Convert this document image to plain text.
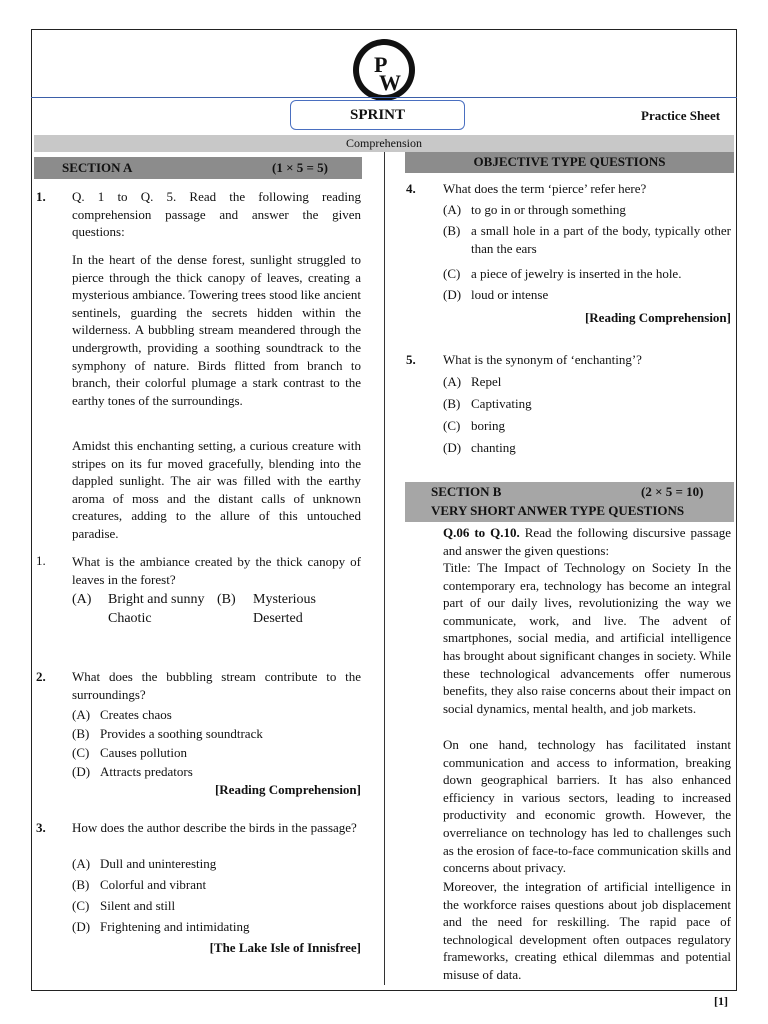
P
W
SPRINT	Practice Sheet
Comprehension
SECTION A	(1 × 5 = 5)
1. Q. 1 to Q. 5. Read the following reading comprehension passage and answer the given questions:
In the heart of the dense forest, sunlight struggled to pierce through the thick canopy of leaves, creating a mysterious ambiance. Towering trees stood like ancient sentinels, guarding the secrets hidden within the wilderness. A bubbling stream meandered through the undergrowth, providing a soothing soundtrack to the symphony of nature. Birds flitted from branch to branch, their colorful plumage a stark contrast to the earthy tones of the surroundings.
Amidst this enchanting setting, a curious creature with stripes on its fur moved gracefully, blending into the dappled sunlight. The air was filled with the earthy aroma of moss and the distant calls of unknown creatures, adding to the allure of this untouched paradise.
1. What is the ambiance created by the thick canopy of leaves in the forest?
(A) Bright and sunny (B) Mysterious
Chaotic	Deserted
2. What does the bubbling stream contribute to the surroundings?
(A) Creates chaos
(B) Provides a soothing soundtrack
(C) Causes pollution
(D) Attracts predators
[Reading Comprehension]
3. How does the author describe the birds in the passage?
(A) Dull and uninteresting
(B) Colorful and vibrant
(C) Silent and still
(D) Frightening and intimidating
[The Lake Isle of Innisfree]
OBJECTIVE TYPE QUESTIONS
4. What does the term ‘pierce’ refer here?
(A) to go in or through something
(B) a small hole in a part of the body, typically other than the ears
(C) a piece of jewelry is inserted in the hole.
(D) loud or intense
[Reading Comprehension]
5. What is the synonym of ‘enchanting’?
(A) Repel
(B) Captivating
(C) boring
(D) chanting
SECTION B	(2 × 5 = 10)
VERY SHORT ANWER TYPE QUESTIONS
Q.06 to Q.10. Read the following discursive passage and answer the given questions:
Title: The Impact of Technology on Society In the contemporary era, technology has become an integral part of our daily lives, revolutionizing the way we communicate, work, and live. The advent of smartphones, social media, and artificial intelligence has brought about significant changes in society. While these technological advancements offer numerous benefits, they also raise concerns about their impact on social dynamics, mental health, and job markets.
On one hand, technology has facilitated instant communication and access to information, breaking down geographical barriers. It has also enhanced efficiency in various sectors, leading to increased productivity and economic growth. However, the overreliance on technology has led to challenges such as the erosion of face-to-face communication skills and concerns about privacy.
Moreover, the integration of artificial intelligence in the workforce raises questions about job displacement and the need for reskilling. The rapid pace of technological development often outpaces regulatory frameworks, creating ethical dilemmas and potential misuse of data.
[1]
